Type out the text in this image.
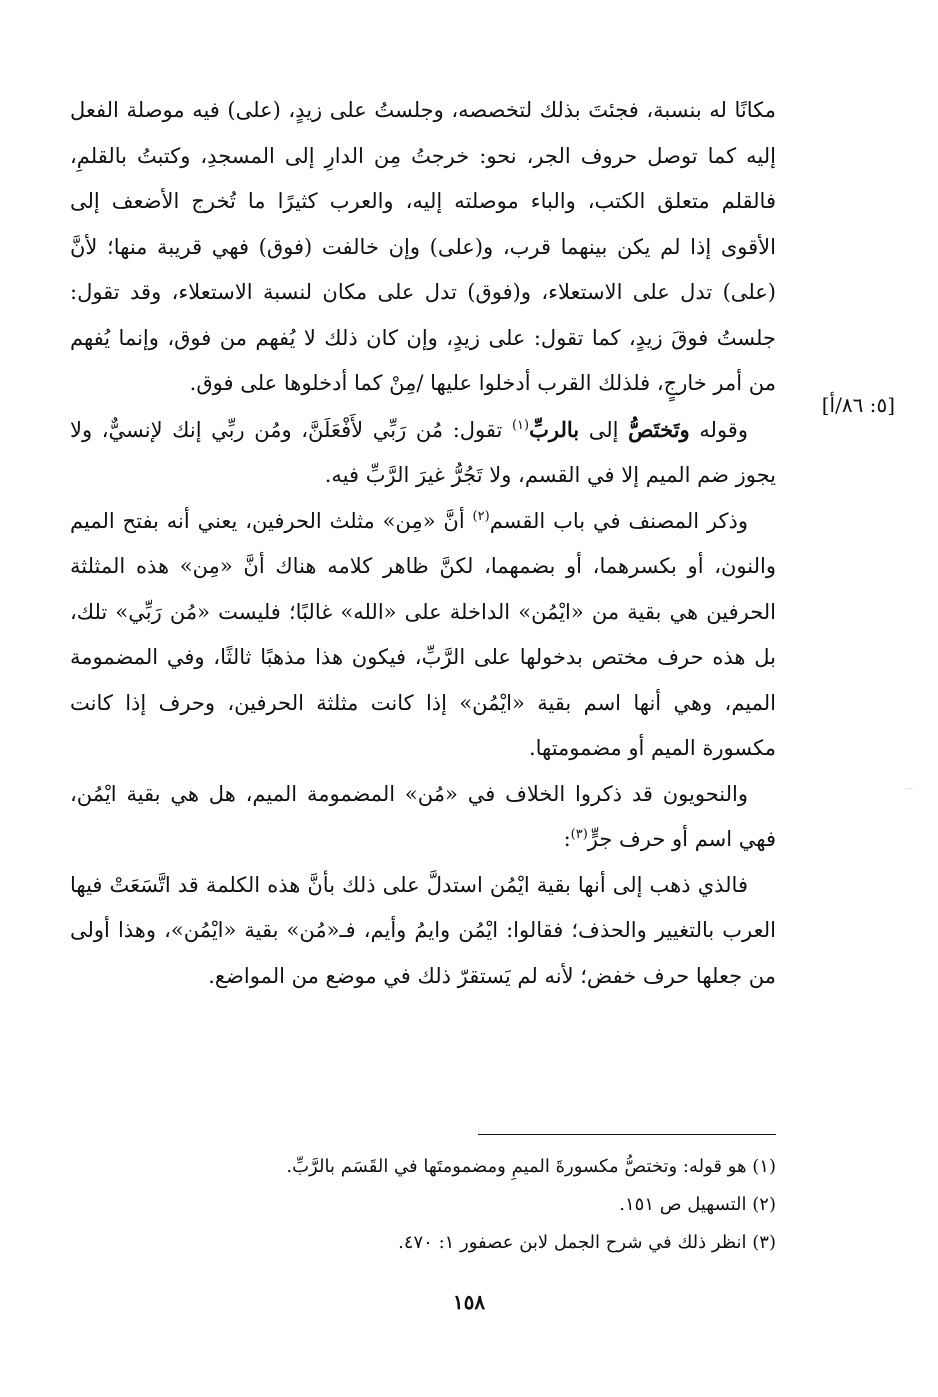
[٥: ٨٦/أ]

مكانًا له بنسبة، فجئتَ بذلك لتخصصه، وجلستُ على زيدٍ، (على) فيه موصلة الفعل إليه كما توصل حروف الجر، نحو: خرجتُ مِن الدارِ إلى المسجدِ، وكتبتُ بالقلمِ، فالقلم متعلق الكتب، والباء موصلته إليه، والعرب كثيرًا ما تُخرج الأضعف إلى الأقوى إذا لم يكن بينهما قرب، و(على) وإن خالفت (فوق) فهي قريبة منها؛ لأنَّ (على) تدل على الاستعلاء، و(فوق) تدل على مكان لنسبة الاستعلاء، وقد تقول: جلستُ فوقَ زيدٍ، كما تقول: على زيدٍ، وإن كان ذلك لا يُفهم من فوق، وإنما يُفهم من أمر خارجٍ، فلذلك القرب أدخلوا عليها /مِنْ كما أدخلوها على فوق.

وقوله وتَختَصُّ إلى بالربِّ$^{(١)}$ تقول: مُن رَبِّي لأَفْعَلَنَّ، ومُن ربِّي إنك لإنسيٌّ، ولا يجوز ضم الميم إلا في القسم، ولا تَجُرُّ غيرَ الرَّبِّ فيه.

وذكر المصنف في باب القسم$^{(٢)}$ أنَّ «مِن» مثلث الحرفين، يعني أنه بفتح الميم والنون، أو بكسرهما، أو بضمهما، لكنَّ ظاهر كلامه هناك أنَّ «مِن» هذه المثلثة الحرفين هي بقية من «ايْمُن» الداخلة على «الله» غالبًا؛ فليست «مُن رَبِّي» تلك، بل هذه حرف مختص بدخولها على الرَّبِّ، فيكون هذا مذهبًا ثالثًا، وفي المضمومة الميم، وهي أنها اسم بقية «ايْمُن» إذا كانت مثلثة الحرفين، وحرف إذا كانت مكسورة الميم أو مضمومتها.

والنحويون قد ذكروا الخلاف في «مُن» المضمومة الميم، هل هي بقية ايْمُن، فهي اسم أو حرف جرٍّ$^{(٣)}$:

فالذي ذهب إلى أنها بقية ايْمُن استدلَّ على ذلك بأنَّ هذه الكلمة قد اتَّسَعَتْ فيها العرب بالتغيير والحذف؛ فقالوا: ايْمُن وايمُ وأيم، فـ«مُن» بقية «ايْمُن»، وهذا أولى من جعلها حرف خفض؛ لأنه لم يَستقرّ ذلك في موضع من المواضع.

(١) هو قوله: وتختصُّ مكسورةَ الميمِ ومضمومتَها في القَسَم بالرَّبِّ.

(٢) التسهيل ص ١٥١.

(٣) انظر ذلك في شرح الجمل لابن عصفور ١: ٤٧٠.

١٥٨
